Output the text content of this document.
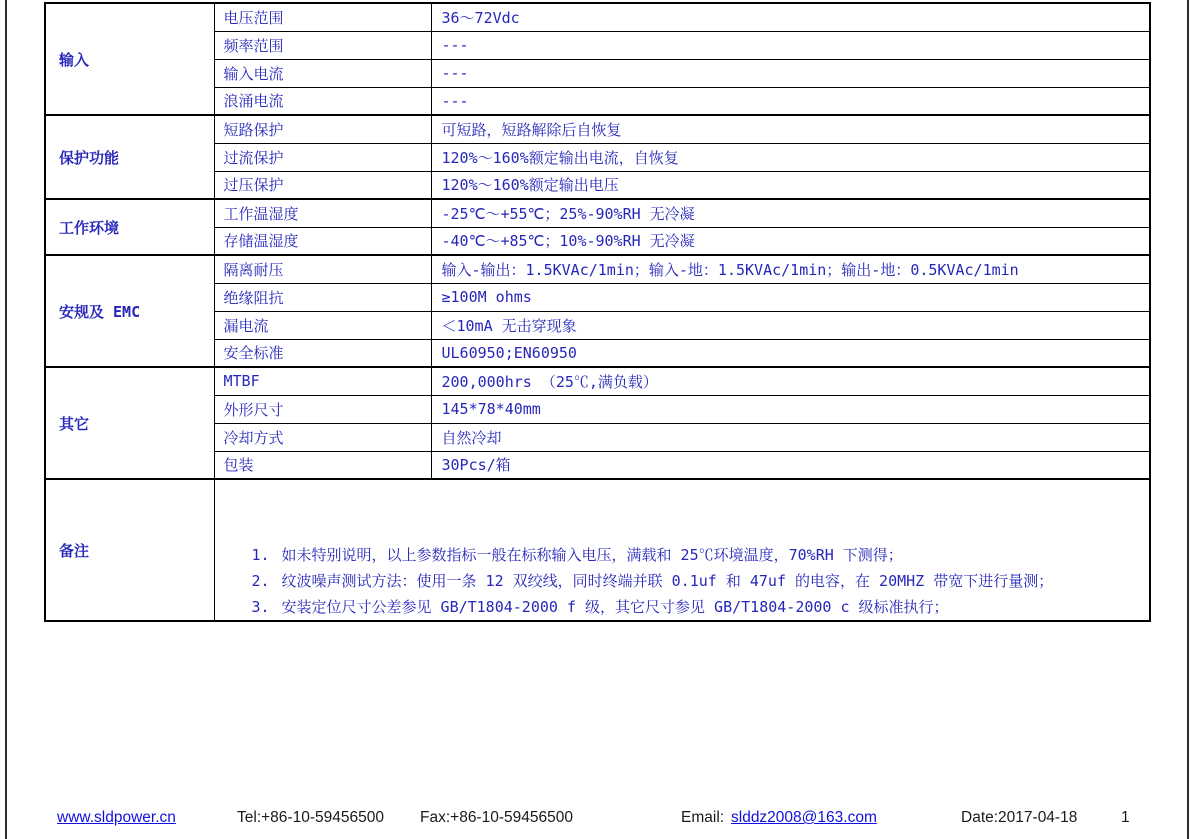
输入	电压范围	36～72Vdc
	频率范围	---
	输入电流	---
	浪涌电流	---
保护功能	短路保护	可短路，短路解除后自恢复
	过流保护	120%～160%额定输出电流，自恢复
	过压保护	120%～160%额定输出电压
工作环境	工作温湿度	-25℃～+55℃；25%-90%RH 无冷凝
	存储温湿度	-40℃～+85℃；10%-90%RH 无冷凝
安规及 EMC	隔离耐压	输入-输出：1.5KVAc/1min；输入-地：1.5KVAc/1min；输出-地：0.5KVAc/1min
	绝缘阻抗	≥100M ohms
	漏电流	＜10mA 无击穿现象
	安全标准	UL60950;EN60950
其它	MTBF	200,000hrs （25℃,满负载）
	外形尺寸	145*78*40mm
	冷却方式	自然冷却
	包装	30Pcs/箱
备注	1. 如未特别说明，以上参数指标一般在标称输入电压，满载和 25℃环境温度，70%RH 下测得；
2. 纹波噪声测试方法：使用一条 12 双绞线，同时终端并联 0.1uf 和 47uf 的电容，在 20MHZ 带宽下进行量测；
3. 安装定位尺寸公差参见 GB/T1804-2000 f 级，其它尺寸参见 GB/T1804-2000 c 级标准执行；
www.sldpower.cn	Tel:+86-10-59456500 Fax:+86-10-59456500	Email: slddz2008@163.com	Date:2017-04-18	1
